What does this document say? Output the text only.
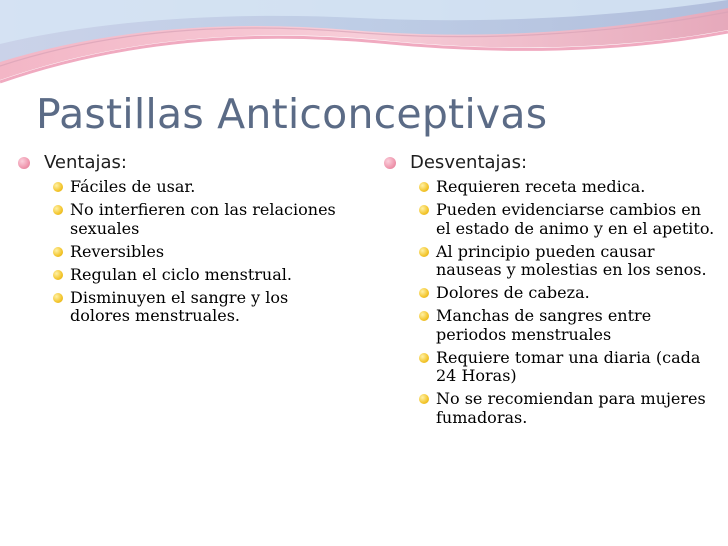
Pastillas Anticonceptivas
Ventajas:
Fáciles de usar.
No interfieren con las relaciones sexuales
Reversibles
Regulan el ciclo menstrual.
Disminuyen el sangre y los dolores menstruales.
Desventajas:
Requieren receta medica.
Pueden evidenciarse cambios en el estado de animo y en el apetito.
Al principio pueden causar nauseas y molestias en los senos.
Dolores de cabeza.
Manchas de sangres entre periodos menstruales
Requiere tomar una diaria (cada 24 Horas)
No se recomiendan para mujeres fumadoras.
